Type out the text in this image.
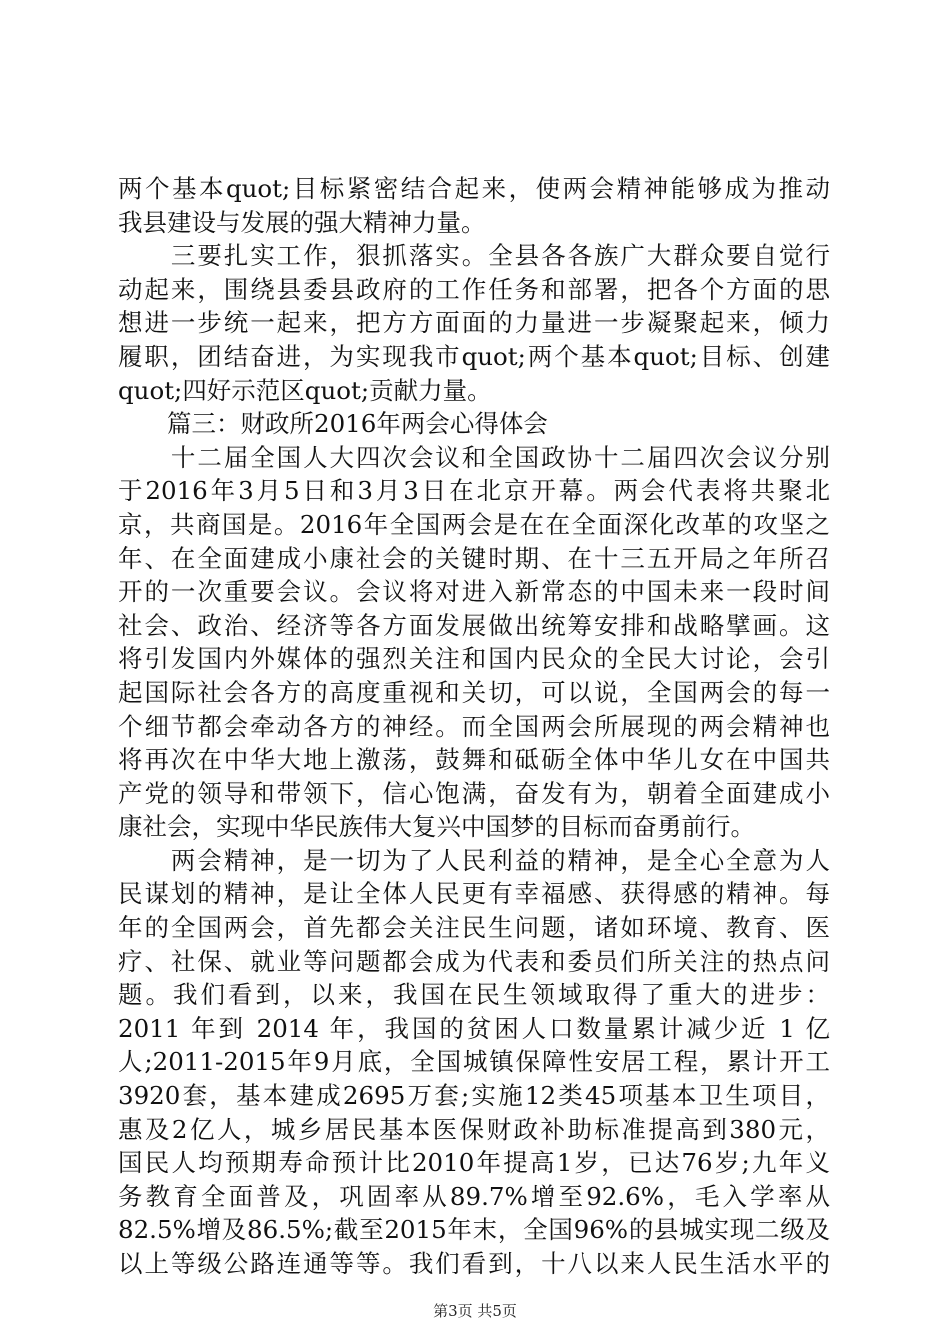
两个基本quot;目标紧密结合起来，使两会精神能够成为推动
我县建设与发展的强大精神力量。
　　三要扎实工作，狠抓落实。全县各各族广大群众要自觉行
动起来，围绕县委县政府的工作任务和部署，把各个方面的思
想进一步统一起来，把方方面面的力量进一步凝聚起来，倾力
履职，团结奋进，为实现我市quot;两个基本quot;目标、创建
quot;四好示范区quot;贡献力量。
　　篇三：财政所2016年两会心得体会
　　十二届全国人大四次会议和全国政协十二届四次会议分别
于2016年3月5日和3月3日在北京开幕。两会代表将共聚北
京，共商国是。2016年全国两会是在在全面深化改革的攻坚之
年、在全面建成小康社会的关键时期、在十三五开局之年所召
开的一次重要会议。会议将对进入新常态的中国未来一段时间
社会、政治、经济等各方面发展做出统筹安排和战略擘画。这
将引发国内外媒体的强烈关注和国内民众的全民大讨论，会引
起国际社会各方的高度重视和关切，可以说，全国两会的每一
个细节都会牵动各方的神经。而全国两会所展现的两会精神也
将再次在中华大地上激荡，鼓舞和砥砺全体中华儿女在中国共
产党的领导和带领下，信心饱满，奋发有为，朝着全面建成小
康社会，实现中华民族伟大复兴中国梦的目标而奋勇前行。
　　两会精神，是一切为了人民利益的精神，是全心全意为人
民谋划的精神，是让全体人民更有幸福感、获得感的精神。每
年的全国两会，首先都会关注民生问题，诸如环境、教育、医
疗、社保、就业等问题都会成为代表和委员们所关注的热点问
题。我们看到，以来，我国在民生领域取得了重大的进步：
2011 年到 2014 年，我国的贫困人口数量累计减少近 1 亿
人;2011-2015年9月底，全国城镇保障性安居工程，累计开工
3920套，基本建成2695万套;实施12类45项基本卫生项目，
惠及2亿人，城乡居民基本医保财政补助标准提高到380元，
国民人均预期寿命预计比2010年提高1岁，已达76岁;九年义
务教育全面普及，巩固率从89.7%增至92.6%，毛入学率从
82.5%增及86.5%;截至2015年末，全国96%的县城实现二级及
以上等级公路连通等等。我们看到，十八以来人民生活水平的
第3页 共5页
